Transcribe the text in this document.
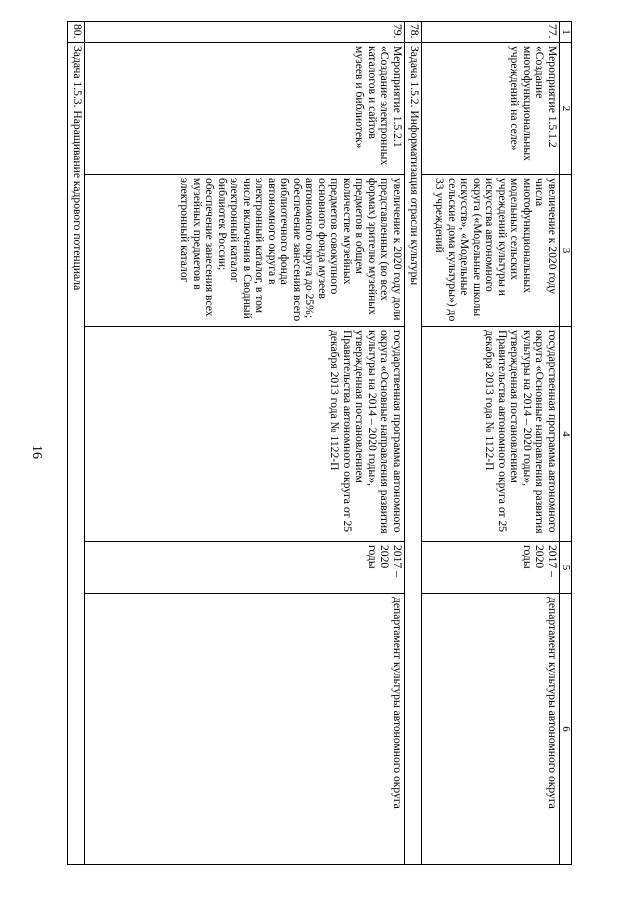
16
1	2	3	4	5	6
77.	Мероприятие 1.5.1.2 «Создание многофункциональных учреждений на селе»	увеличение к 2020 году числа многофункциональных модельных сельских учреждений культуры и искусства автономного округа («Модельные школы искусств», «Модельные сельские дома культуры») до 33 учреждений	государственная программа автономного округа «Основные направления развития культуры на 2014 – 2020 годы», утвержденная постановлением Правительства автономного округа от 25 декабря 2013 года № 1122-П	2017 – 2020 годы	департамент культуры автономного округа
78.	Задача 1.5.2. Информатизация отрасли культуры				
79.	Мероприятие 1.5.2.1 «Создание электронных каталогов и сайтов музеев и библиотек»	увеличение к 2020 году доли представленных (во всех формах) зрителю музейных предметов в общем количестве музейных предметов совокупного основного фонда музеев автономного округа до 25%; обеспечение занесения всего библиотечного фонда автономного округа в электронный каталог, в том числе включения в Сводный электронный каталог библиотек России; обеспечение занесения всех музейных предметов в электронный каталог	государственная программа автономного округа «Основные направления развития культуры на 2014 – 2020 годы», утвержденная постановлением Правительства автономного округа от 25 декабря 2013 года № 1122-П	2017 – 2020 годы	департамент культуры автономного округа
80.	Задача 1.5.3. Наращивание кадрового потенциала				
